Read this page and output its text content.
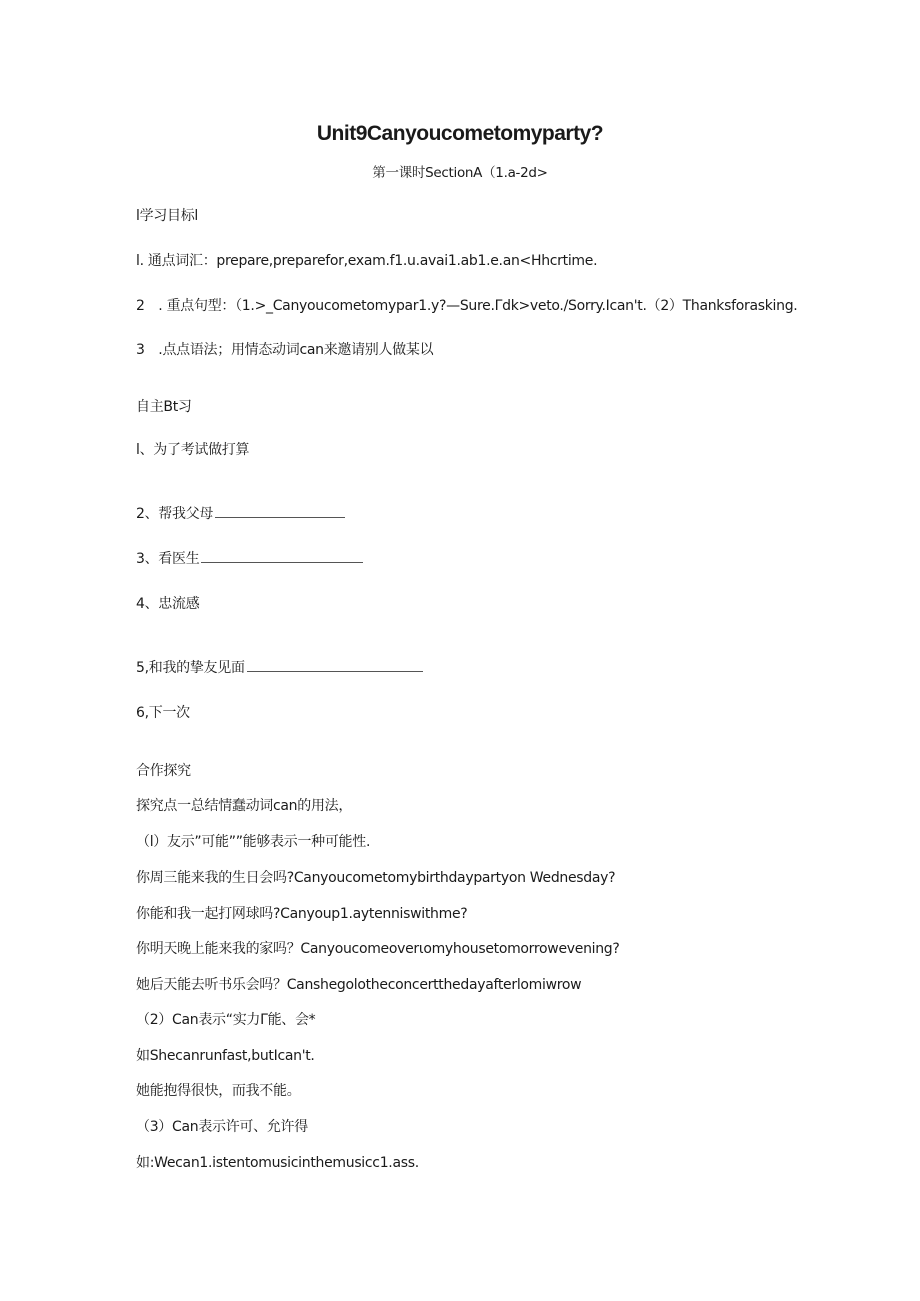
Unit9Canyoucometomyparty?
第一课时SectionA（1.a-2d>
l学习目标l
l. 通点词汇：prepare,preparefor,exam.f1.u.avai1.ab1.e.an<Hhcrtime.
2　. 重点句型：（1.>_Canyoucometomypar1.y?—Sure.Γdk>veto./Sorry.Ican't.（2）Thanksforasking.
3　.点点语法；用情态动词can来邀请别人做某以
自主Bt习
l、为了考试做打算
2、帮我父母
3、看医生
4、忠流感
5,和我的挚友见面
6,下一次
合作探究
探究点一总结情蠢动词can的用法，
（l）友示”可能””能够表示一种可能性.
你周三能来我的生日会吗?Canyoucometomybirthdaypartyon Wednesday?
你能和我一起打网球吗?Canyoup1.aytenniswithme?
你明天晚上能来我的家吗？Canyoucomeoverιomyhousetomorrowevening?
她后天能去听书乐会吗？Canshegolotheconcertthedayafterlomiwrow
（2）Can表示“实力Γ能、会*
如Shecanrunfast,butIcan't.
她能抱得很快，而我不能。
（3）Can表示许可、允许得
如:Wecan1.istentomusicinthemusicc1.ass.
